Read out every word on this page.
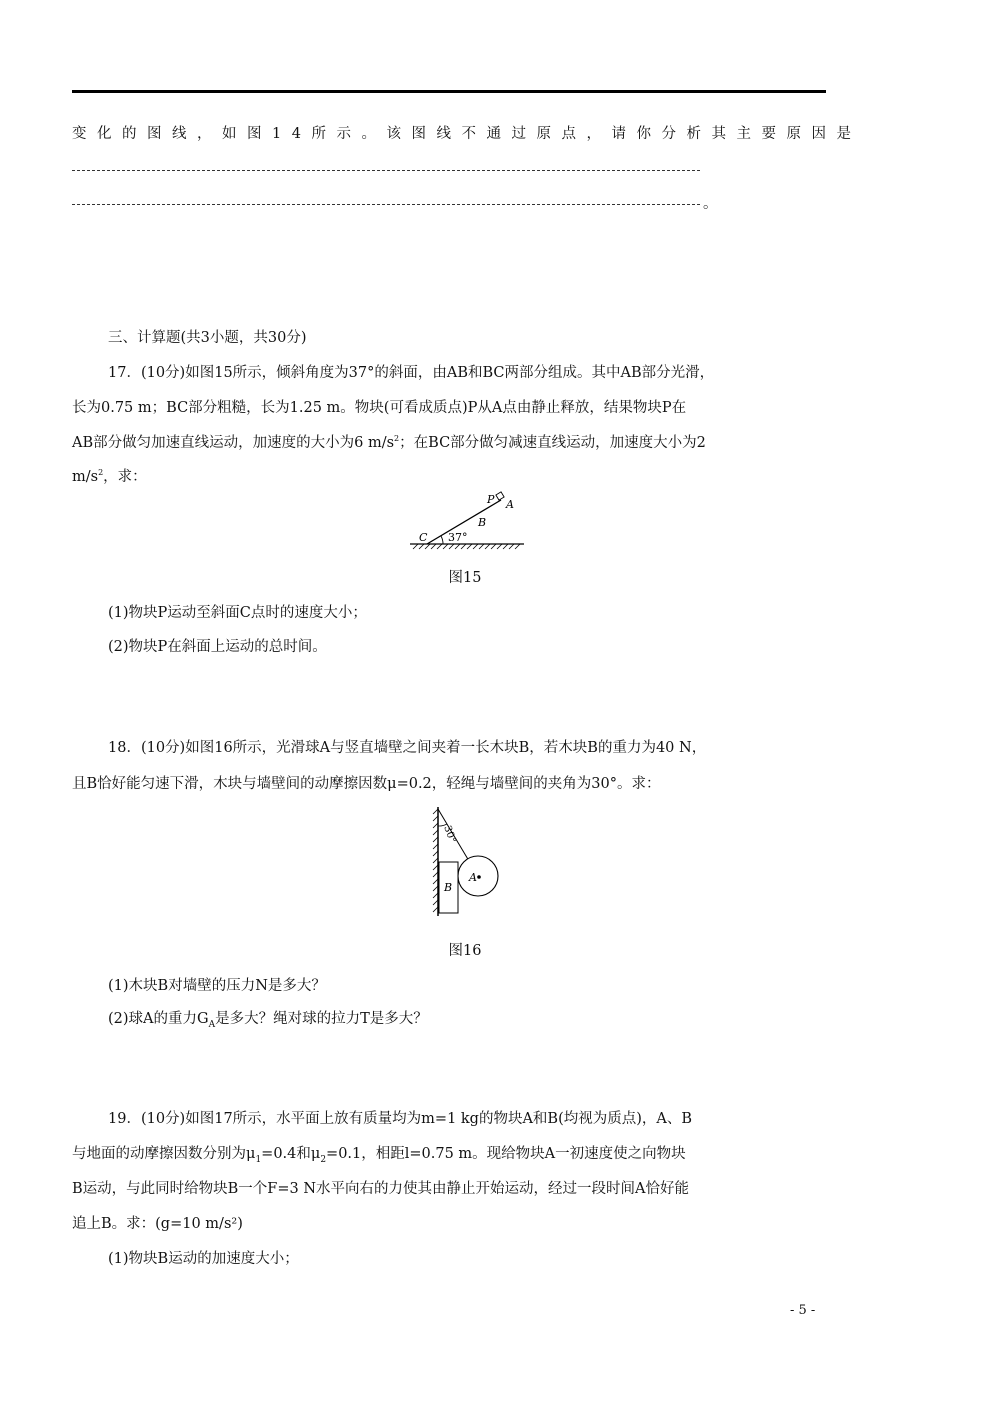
变化的图线，如图14所示。该图线不通过原点，请你分析其主要原因是
。
三、计算题(共3小题，共30分)
17．(10分)如图15所示，倾斜角度为37°的斜面，由AB和BC两部分组成。其中AB部分光滑，
长为0.75 m；BC部分粗糙，长为1.25 m。物块(可看成质点)P从A点由静止释放，结果物块P在
AB部分做匀加速直线运动，加速度的大小为6 $m/s^2$；在BC部分做匀减速直线运动，加速度大小为2
$m/s^2$，求：
P A
B
C 37°
图15
(1)物块P运动至斜面C点时的速度大小；
(2)物块P在斜面上运动的总时间。
18．(10分)如图16所示，光滑球A与竖直墙壁之间夹着一长木块B，若木块B的重力为40 N，
且B恰好能匀速下滑，木块与墙壁间的动摩擦因数μ=0.2，轻绳与墙壁间的夹角为30°。求：
30°
B
A
图16
(1)木块B对墙壁的压力N是多大？
(2)球A的重力$G_A$是多大？绳对球的拉力T是多大？
19．(10分)如图17所示，水平面上放有质量均为m=1 kg的物块A和B(均视为质点)，A、B
与地面的动摩擦因数分别为$\mu_1=0.4$和$\mu_2=0.1$，相距l=0.75 m。现给物块A一初速度使之向物块
B运动，与此同时给物块B一个F=3 N水平向右的力使其由静止开始运动，经过一段时间A恰好能
追上B。求：(g=10 m/s²)
(1)物块B运动的加速度大小；
- 5 -
